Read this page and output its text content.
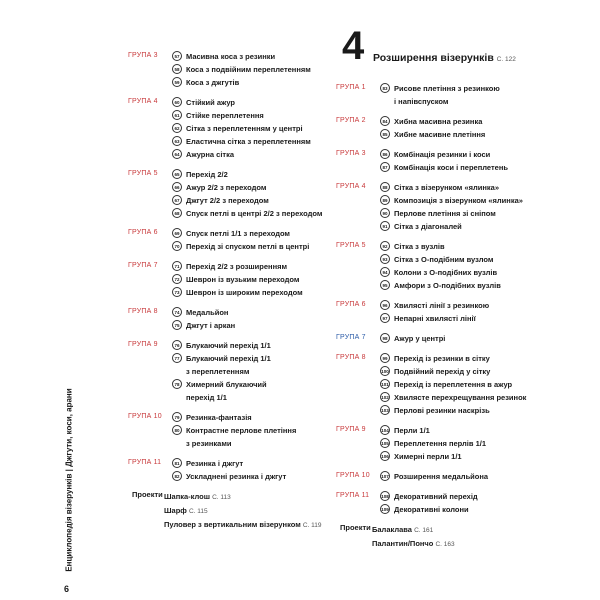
Енциклопедія візерунків | Джгути, коси, арани
6
ГРУПА 3	57 Масивна коса з резинки
58 Коса з подвійним переплетенням
59 Коса з джгутів
ГРУПА 4	60 Стійкий ажур
61 Стійке переплетення
62 Сітка з переплетенням у центрі
63 Еластична сітка з переплетенням
64 Ажурна сітка
ГРУПА 5	65 Перехід 2/2
66 Ажур 2/2 з переходом
67 Джгут 2/2 з переходом
68 Спуск петлі в центрі 2/2 з переходом
ГРУПА 6	69 Спуск петлі 1/1 з переходом
70 Перехід зі спуском петлі в центрі
ГРУПА 7	71 Перехід 2/2 з розширенням
72 Шеврон із вузьким переходом
73 Шеврон із широким переходом
ГРУПА 8	74 Медальйон
75 Джгут і аркан
ГРУПА 9	76 Блукаючий перехід 1/1
77 Блукаючий перехід 1/1
з переплетенням
78 Химерний блукаючий
перехід 1/1
ГРУПА 10	79 Резинка-фантазія
80 Контрастне перлове плетіння
з резинками
ГРУПА 11	81 Резинка і джгут
82 Ускладнені резинка і джгут
Проекти Шапка-клош С. 113
Шарф С. 115
Пуловер з вертикальним візерунком С. 119
4 Розширення візерунків С. 122
ГРУПА 1	83 Рисове плетіння з резинкою
і напівспуском
ГРУПА 2	84 Хибна масивна резинка
85 Хибне масивне плетіння
ГРУПА 3	86 Комбінація резинки і коси
87 Комбінація коси і переплетень
ГРУПА 4	88 Сітка з візерунком «ялинка»
89 Композиція з візерунком «ялинка»
90 Перлове плетіння зі сніпом
91 Сітка з діагоналей
ГРУПА 5	92 Сітка з вузлів
93 Сітка з О-подібним вузлом
94 Колони з О-подібних вузлів
95 Амфори з О-подібних вузлів
ГРУПА 6	96 Хвилясті лінії з резинкою
97 Непарні хвилясті лінії
ГРУПА 7	98 Ажур у центрі
ГРУПА 8	99 Перехід із резинки в сітку
100 Подвійний перехід у сітку
101 Перехід із переплетення в ажур
102 Хвилясте перехрещування резинок
103 Перлові резинки наскрізь
ГРУПА 9	104 Перли 1/1
105 Переплетення перлів 1/1
106 Химерні перли 1/1
ГРУПА 10	107 Розширення медальйона
ГРУПА 11	108 Декоративний перехід
109 Декоративні колони
Проекти Балаклава С. 161
Палантин/Пончо С. 163
